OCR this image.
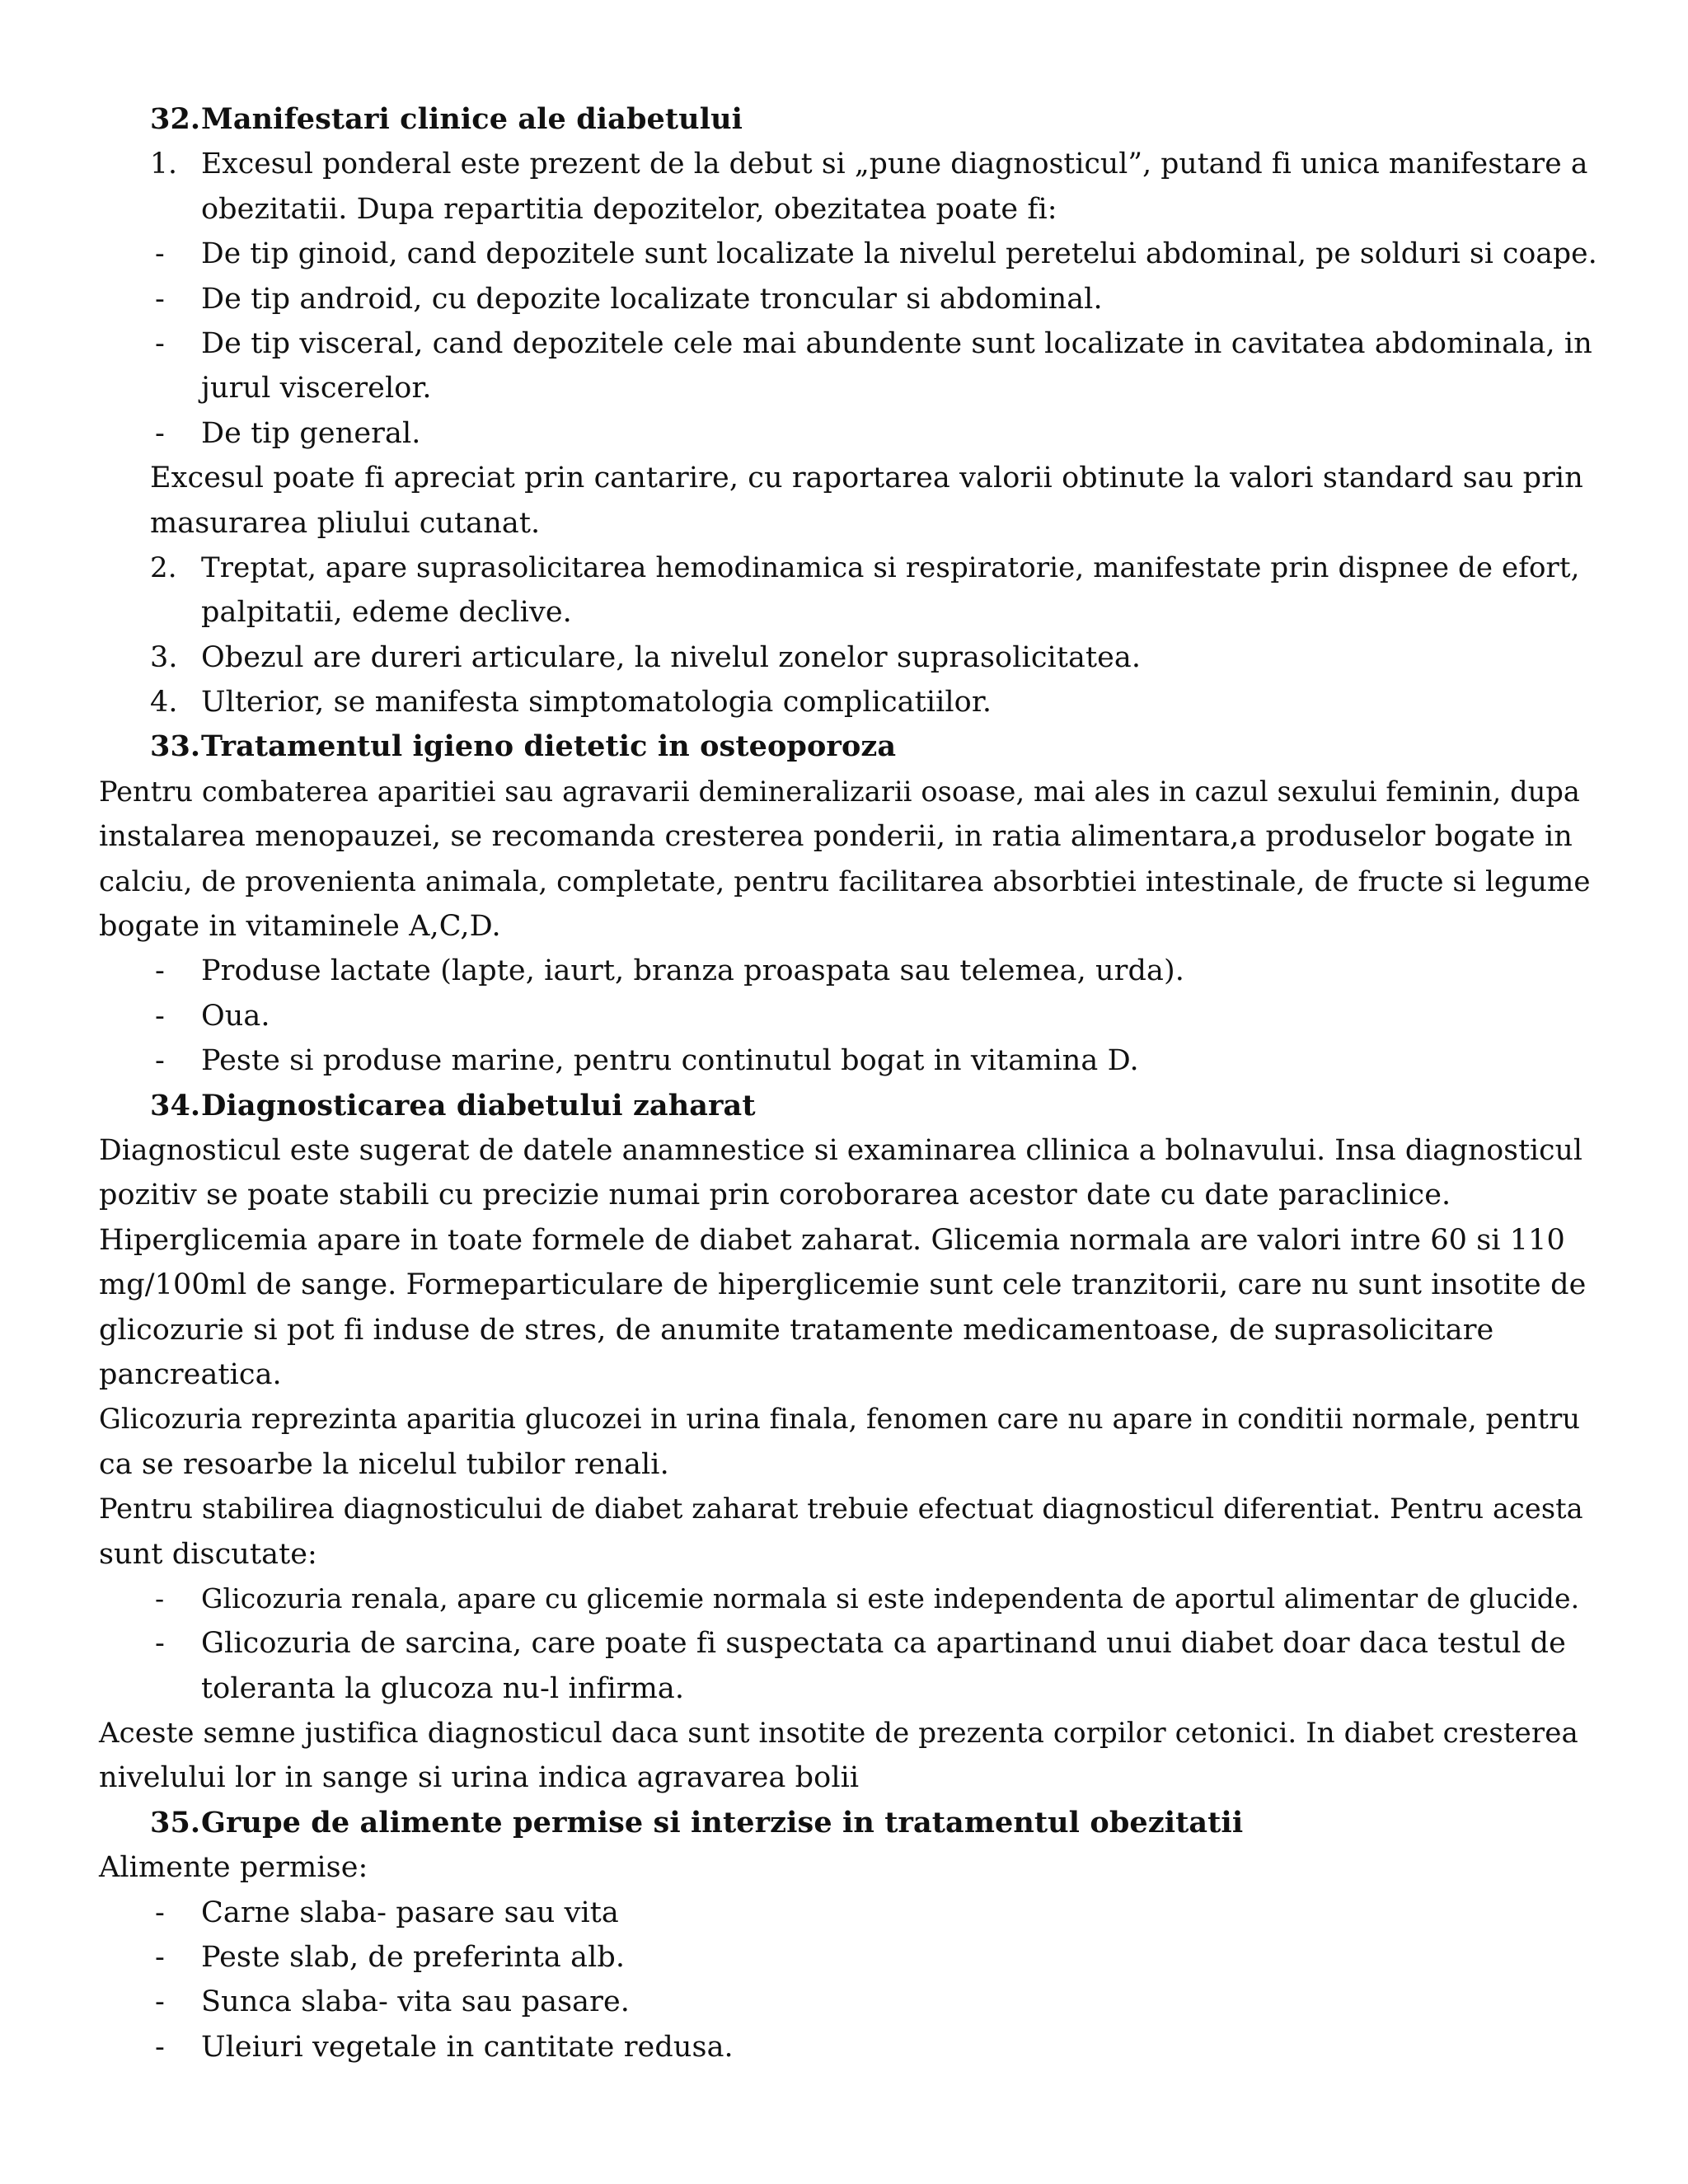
32.Manifestari clinice ale diabetului
1. Excesul ponderal este prezent de la debut si „pune diagnosticul”, putand fi unica manifestare a
obezitatii. Dupa repartitia depozitelor, obezitatea poate fi:
- De tip ginoid, cand depozitele sunt localizate la nivelul peretelui abdominal, pe solduri si coape.
- De tip android, cu depozite localizate troncular si abdominal.
- De tip visceral, cand depozitele cele mai abundente sunt localizate in cavitatea abdominala, in
jurul viscerelor.
- De tip general.
Excesul poate fi apreciat prin cantarire, cu raportarea valorii obtinute la valori standard sau prin
masurarea pliului cutanat.
2. Treptat, apare suprasolicitarea hemodinamica si respiratorie, manifestate prin dispnee de efort,
palpitatii, edeme declive.
3. Obezul are dureri articulare, la nivelul zonelor suprasolicitatea.
4. Ulterior, se manifesta simptomatologia complicatiilor.
33.Tratamentul igieno dietetic in osteoporoza
Pentru combaterea aparitiei sau agravarii demineralizarii osoase, mai ales in cazul sexului feminin, dupa
instalarea menopauzei, se recomanda cresterea ponderii, in ratia alimentara,a produselor bogate in
calciu, de provenienta animala, completate, pentru facilitarea absorbtiei intestinale, de fructe si legume
bogate in vitaminele A,C,D.
- Produse lactate (lapte, iaurt, branza proaspata sau telemea, urda).
- Oua.
- Peste si produse marine, pentru continutul bogat in vitamina D.
34.Diagnosticarea diabetului zaharat
Diagnosticul este sugerat de datele anamnestice si examinarea cllinica a bolnavului. Insa diagnosticul
pozitiv se poate stabili cu precizie numai prin coroborarea acestor date cu date paraclinice.
Hiperglicemia apare in toate formele de diabet zaharat. Glicemia normala are valori intre 60 si 110
mg/100ml de sange. Formeparticulare de hiperglicemie sunt cele tranzitorii, care nu sunt insotite de
glicozurie si pot fi induse de stres, de anumite tratamente medicamentoase, de suprasolicitare
pancreatica.
Glicozuria reprezinta aparitia glucozei in urina finala, fenomen care nu apare in conditii normale, pentru
ca se resoarbe la nicelul tubilor renali.
Pentru stabilirea diagnosticului de diabet zaharat trebuie efectuat diagnosticul diferentiat. Pentru acesta
sunt discutate:
- Glicozuria renala, apare cu glicemie normala si este independenta de aportul alimentar de glucide.
- Glicozuria de sarcina, care poate fi suspectata ca apartinand unui diabet doar daca testul de
toleranta la glucoza nu-l infirma.
Aceste semne justifica diagnosticul daca sunt insotite de prezenta corpilor cetonici. In diabet cresterea
nivelului lor in sange si urina indica agravarea bolii
35.Grupe de alimente permise si interzise in tratamentul obezitatii
Alimente permise:
- Carne slaba- pasare sau vita
- Peste slab, de preferinta alb.
- Sunca slaba- vita sau pasare.
- Uleiuri vegetale in cantitate redusa.
